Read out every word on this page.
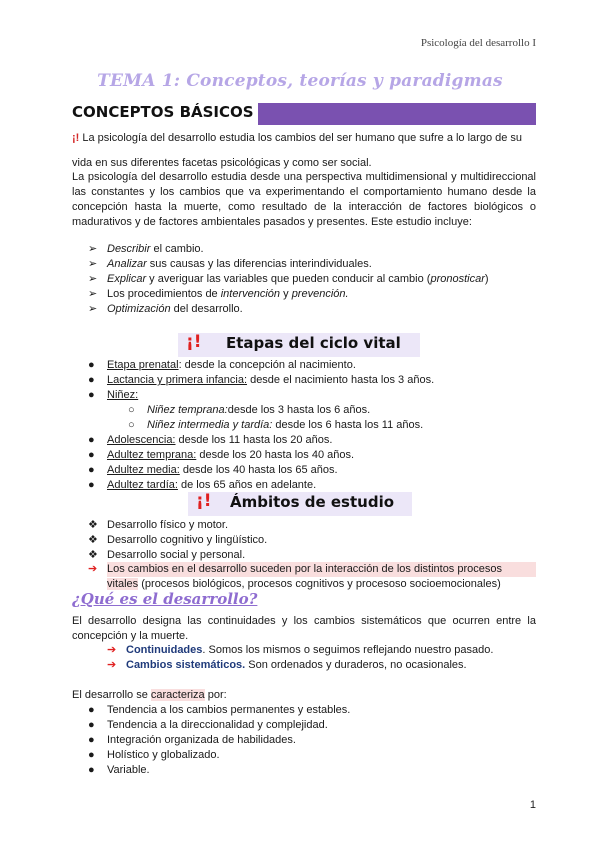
Psicología del desarrollo I
TEMA 1: Conceptos, teorías y paradigmas
CONCEPTOS BÁSICOS
¡! La psicología del desarrollo estudia los cambios del ser humano que sufre a lo largo de su
vida en sus diferentes facetas psicológicas y como ser social.
La psicología del desarrollo estudia desde una perspectiva multidimensional y multidireccional las constantes y los cambios que va experimentando el comportamiento humano desde la concepción hasta la muerte, como resultado de la interacción de factores biológicos o madurativos y de factores ambientales pasados y presentes. Este estudio incluye:
➢ Describir el cambio.
➢ Analizar sus causas y las diferencias interindividuales.
➢ Explicar y averiguar las variables que pueden conducir al cambio (pronosticar)
➢ Los procedimientos de intervención y prevención.
➢ Optimización del desarrollo.
¡! Etapas del ciclo vital
● Etapa prenatal: desde la concepción al nacimiento.
● Lactancia y primera infancia: desde el nacimiento hasta los 3 años.
● Niñez:
○ Niñez temprana:desde los 3 hasta los 6 años.
○ Niñez intermedia y tardía: desde los 6 hasta los 11 años.
● Adolescencia: desde los 11 hasta los 20 años.
● Adultez temprana: desde los 20 hasta los 40 años.
● Adultez media: desde los 40 hasta los 65 años.
● Adultez tardía: de los 65 años en adelante.
¡! Ámbitos de estudio
❖ Desarrollo físico y motor.
❖ Desarrollo cognitivo y lingüístico.
❖ Desarrollo social y personal.
➔ Los cambios en el desarrollo suceden por la interacción de los distintos procesos
vitales (procesos biológicos, procesos cognitivos y procesoso socioemocionales)
¿Qué es el desarrollo?
El desarrollo designa las continuidades y los cambios sistemáticos que ocurren entre la concepción y la muerte.
➔ Continuidades. Somos los mismos o seguimos reflejando nuestro pasado.
➔ Cambios sistemáticos. Son ordenados y duraderos, no ocasionales.
El desarrollo se caracteriza por:
● Tendencia a los cambios permanentes y estables.
● Tendencia a la direccionalidad y complejidad.
● Integración organizada de habilidades.
● Holístico y globalizado.
● Variable.
1
